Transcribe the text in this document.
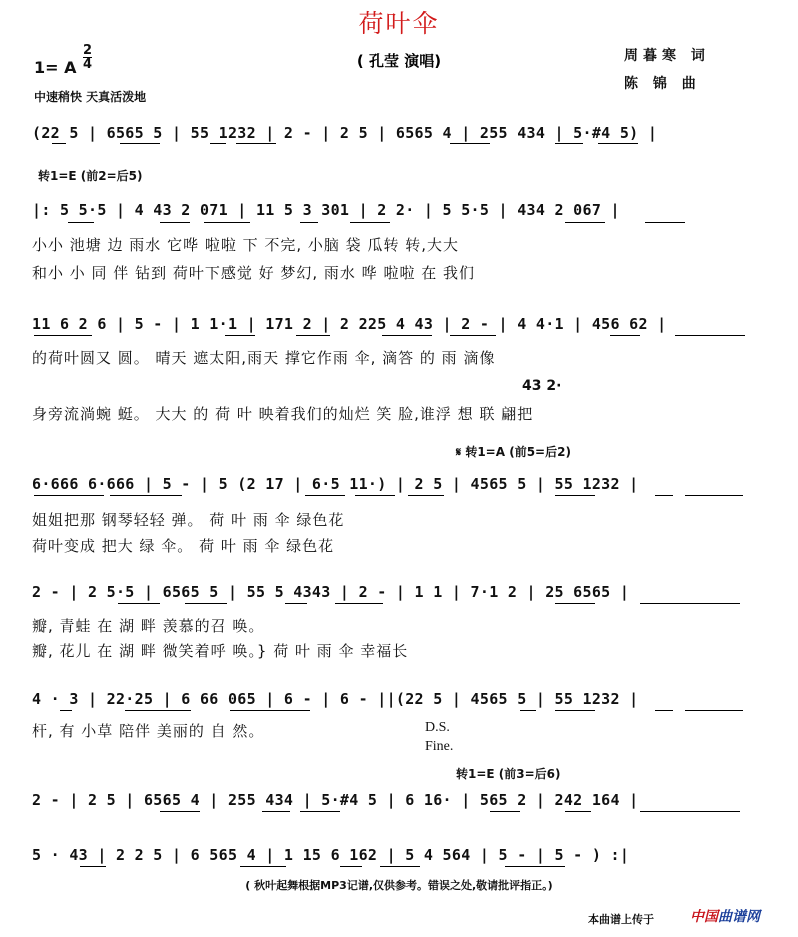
荷叶伞
( 孔莹 演唱)
1= A
2
4
中速稍快 天真活泼地
周暮寒 词
陈 锦 曲
(22 5 | 6565 5 | 55 1232 | 2 - | 2 5 | 6565 4 | 255 434 | 5·#4 5) |
转1=E (前2=后5)
|: 5 5·5 | 4 43 2 071 | 11 5 3 301 | 2 2· | 5 5·5 | 434 2 067 |
小小 池塘 边 雨水 它哗 啦啦 下 不完, 小脑 袋 瓜转 转,大大
和小 小 同 伴 钻到 荷叶下感觉 好 梦幻, 雨水 哗 啦啦 在 我们
11 6 2 6 | 5 - | 1 1·1 | 171 2 | 2 225 4 43 | 2 - | 4 4·1 | 456 62 |
的荷叶圆又 圆。 晴天 遮太阳,雨天 撑它作雨 伞, 滴答 的 雨 滴像
43 2·
身旁流淌蜿 蜓。 大大 的 荷 叶 映着我们的灿烂 笑 脸,谁浮 想 联 翩把
𝄋 转1=A (前5=后2)
6·666 6·666 | 5 - | 5 (2 17 | 6·5 11·) | 2 5 | 4565 5 | 55 1232 |
姐姐把那 钢琴轻轻 弹。 荷 叶 雨 伞 绿色花
荷叶变成 把大 绿 伞。 荷 叶 雨 伞 绿色花
2 - | 2 5·5 | 6565 5 | 55 5 4343 | 2 - | 1 1 | 7·1 2 | 25 6565 |
瓣, 青蛙 在 湖 畔 羡慕的召 唤。
瓣, 花儿 在 湖 畔 微笑着呼 唤。} 荷 叶 雨 伞 幸福长
4 · 3 | 22·25 | 6 66 065 | 6 - | 6 - ||(22 5 | 4565 5 | 55 1232 |
杆, 有 小草 陪伴 美丽的 自 然。	D.S.
Fine.
转1=E (前3=后6)
2 - | 2 5 | 6565 4 | 255 434 | 5·#4 5 | 6 16· | 565 2 | 242 164 |
5 · 43 | 2 2 5 | 6 565 4 | 1 15 6 162 | 5 4 564 | 5 - | 5 - ) :|
( 秋叶起舞根据MP3记谱,仅供参考。错误之处,敬请批评指正。)
本曲谱上传于	中国曲谱网
